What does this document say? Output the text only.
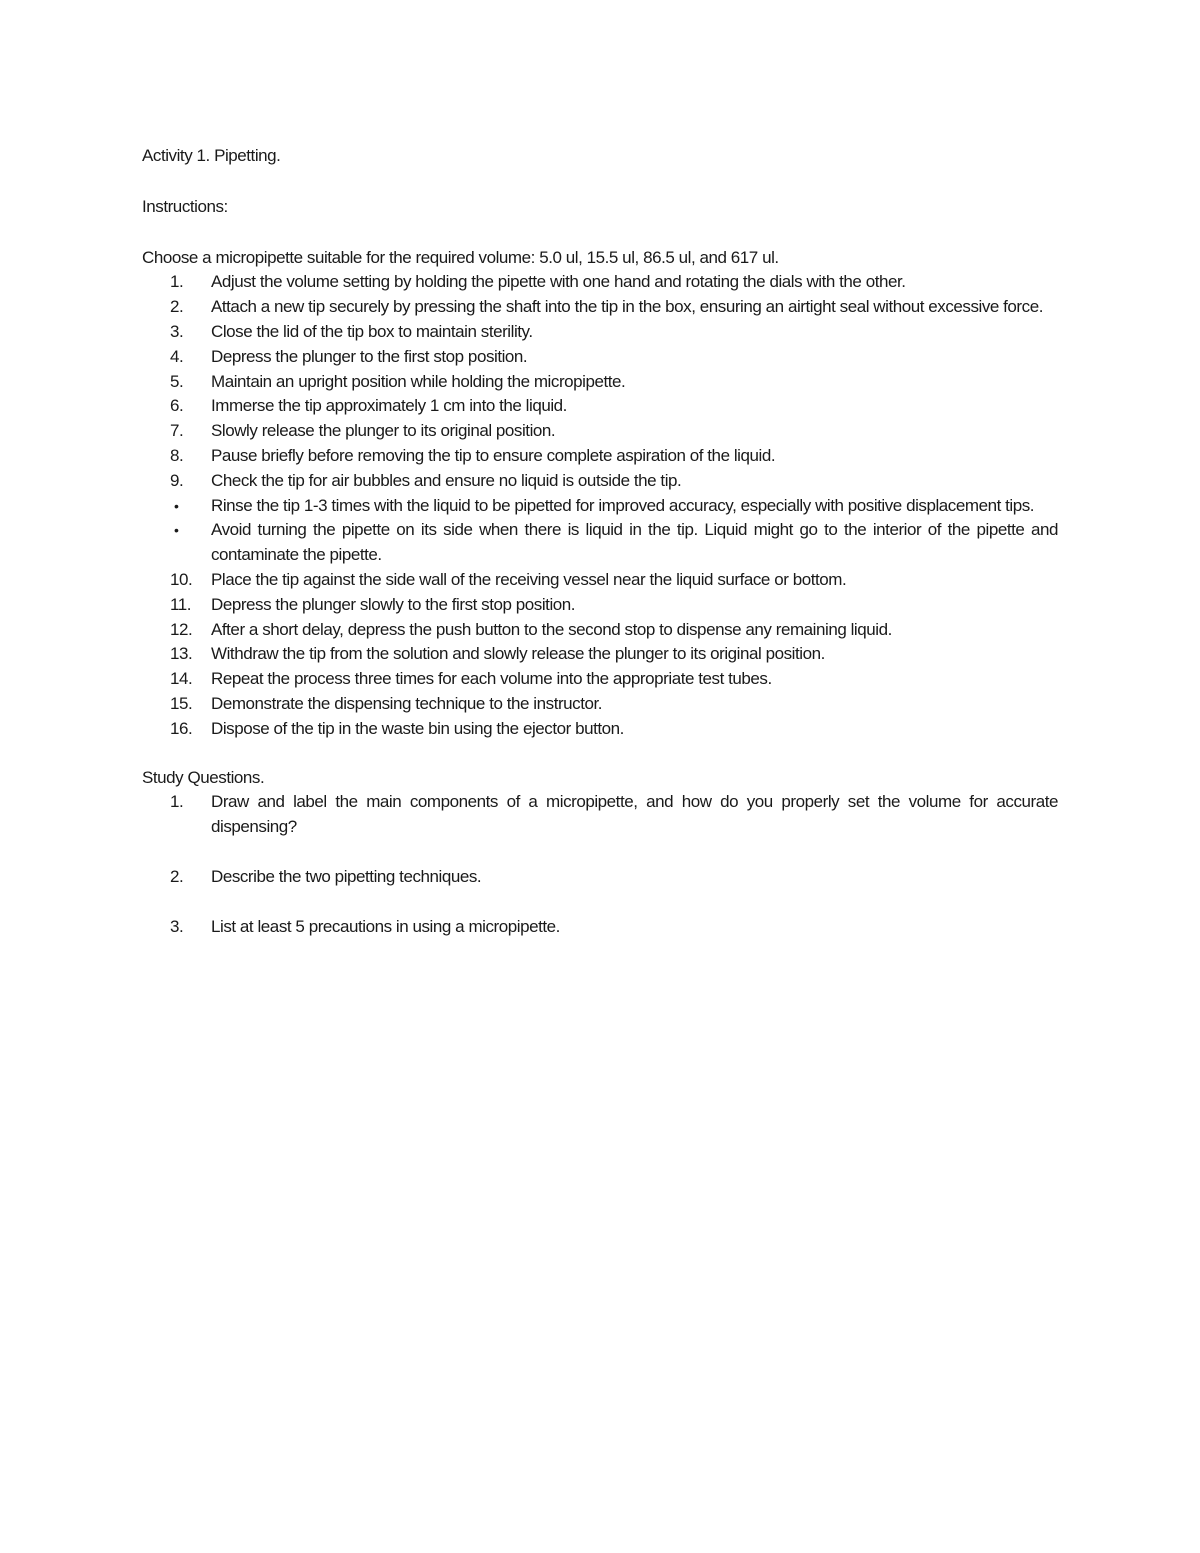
Activity 1. Pipetting.

Instructions:

Choose a micropipette suitable for the required volume: 5.0 ul, 15.5 ul, 86.5 ul, and 617 ul.

1.	Adjust the volume setting by holding the pipette with one hand and rotating the dials with the other.
2.	Attach a new tip securely by pressing the shaft into the tip in the box, ensuring an airtight seal without excessive force.
3.	Close the lid of the tip box to maintain sterility.
4.	Depress the plunger to the first stop position.
5.	Maintain an upright position while holding the micropipette.
6.	Immerse the tip approximately 1 cm into the liquid.
7.	Slowly release the plunger to its original position.
8.	Pause briefly before removing the tip to ensure complete aspiration of the liquid.
9.	Check the tip for air bubbles and ensure no liquid is outside the tip.
•	Rinse the tip 1-3 times with the liquid to be pipetted for improved accuracy, especially with positive displacement tips.
•	Avoid turning the pipette on its side when there is liquid in the tip. Liquid might go to the interior of the pipette and contaminate the pipette.
10.	Place the tip against the side wall of the receiving vessel near the liquid surface or bottom.
11.	Depress the plunger slowly to the first stop position.
12.	After a short delay, depress the push button to the second stop to dispense any remaining liquid.
13.	Withdraw the tip from the solution and slowly release the plunger to its original position.
14.	Repeat the process three times for each volume into the appropriate test tubes.
15.	Demonstrate the dispensing technique to the instructor.
16.	Dispose of the tip in the waste bin using the ejector button.

Study Questions.

1.	Draw and label the main components of a micropipette, and how do you properly set the volume for accurate dispensing?
2.	Describe the two pipetting techniques.
3.	List at least 5 precautions in using a micropipette.
